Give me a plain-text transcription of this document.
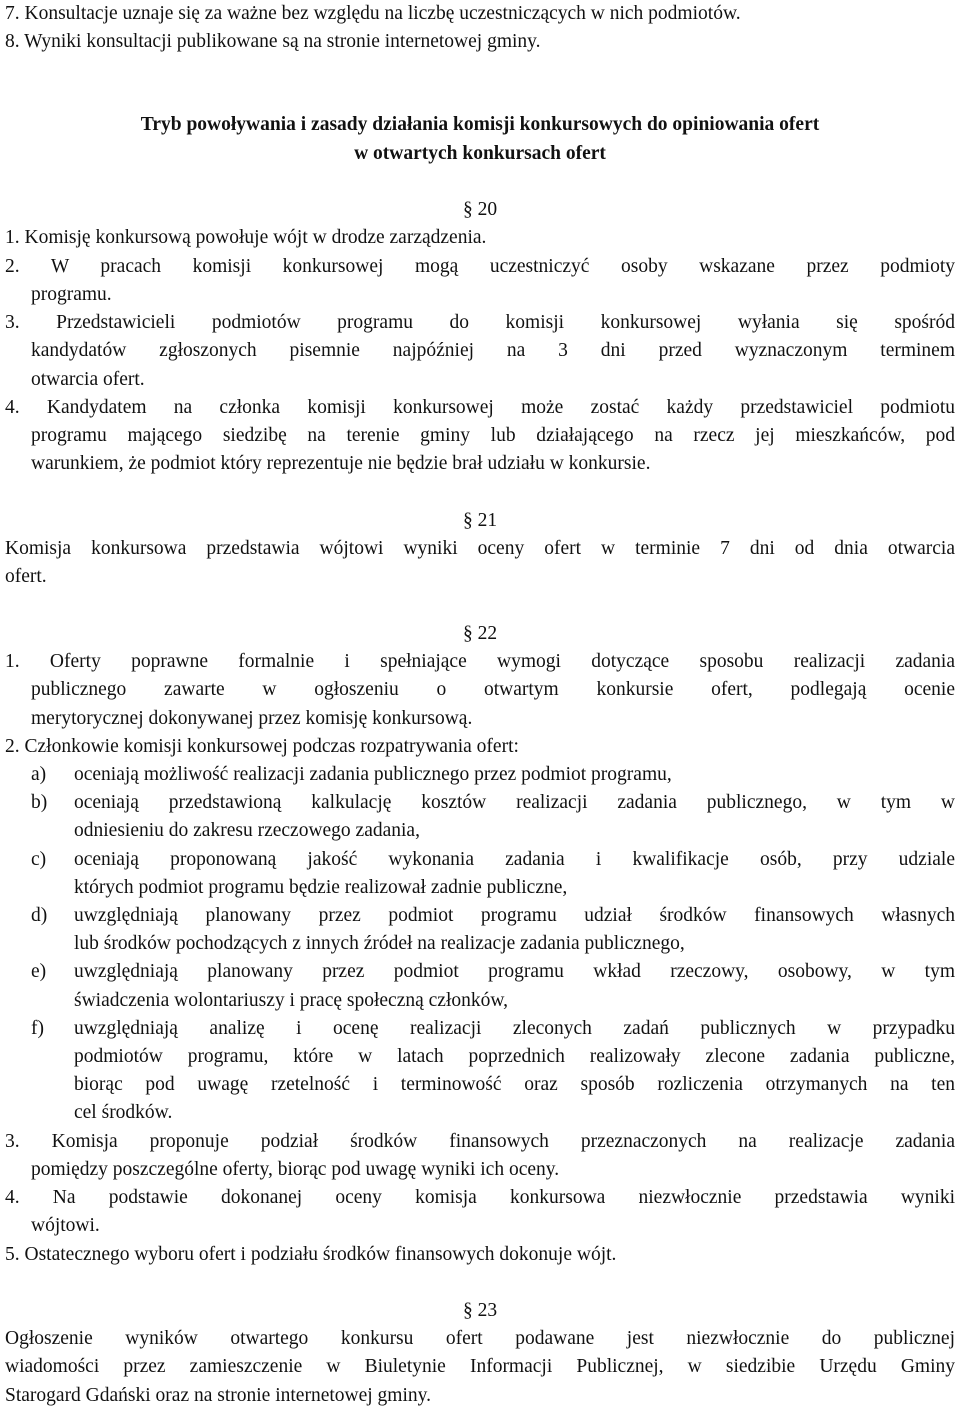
7. Konsultacje uznaje się za ważne bez względu na liczbę uczestniczących w nich podmiotów.
8. Wyniki konsultacji publikowane są na stronie internetowej gminy.
Tryb powoływania i zasady działania komisji konkursowych do opiniowania ofert
w otwartych konkursach ofert
§ 20
1. Komisję konkursową powołuje wójt w drodze zarządzenia.
2. W pracach komisji konkursowej mogą uczestniczyć osoby wskazane przez podmioty
programu.
3. Przedstawicieli podmiotów programu do komisji konkursowej wyłania się spośród
kandydatów zgłoszonych pisemnie najpóźniej na 3 dni przed wyznaczonym terminem
otwarcia ofert.
4. Kandydatem na członka komisji konkursowej może zostać każdy przedstawiciel podmiotu
programu mającego siedzibę na terenie gminy lub działającego na rzecz jej mieszkańców, pod
warunkiem, że podmiot który reprezentuje nie będzie brał udziału w konkursie.
§ 21
Komisja konkursowa przedstawia wójtowi wyniki oceny ofert w terminie 7 dni od dnia otwarcia
ofert.
§ 22
1. Oferty poprawne formalnie i spełniające wymogi dotyczące sposobu realizacji zadania
publicznego zawarte w ogłoszeniu o otwartym konkursie ofert, podlegają ocenie
merytorycznej dokonywanej przez komisję konkursową.
2. Członkowie komisji konkursowej podczas rozpatrywania ofert:
a) oceniają możliwość realizacji zadania publicznego przez podmiot programu,
b) oceniają przedstawioną kalkulację kosztów realizacji zadania publicznego, w tym w
odniesieniu do zakresu rzeczowego zadania,
c) oceniają proponowaną jakość wykonania zadania i kwalifikacje osób, przy udziale
których podmiot programu będzie realizował zadnie publiczne,
d) uwzględniają planowany przez podmiot programu udział środków finansowych własnych
lub środków pochodzących z innych źródeł na realizacje zadania publicznego,
e) uwzględniają planowany przez podmiot programu wkład rzeczowy, osobowy, w tym
świadczenia wolontariuszy i pracę społeczną członków,
f) uwzględniają analizę i ocenę realizacji zleconych zadań publicznych w przypadku
podmiotów programu, które w latach poprzednich realizowały zlecone zadania publiczne,
biorąc pod uwagę rzetelność i terminowość oraz sposób rozliczenia otrzymanych na ten
cel środków.
3. Komisja proponuje podział środków finansowych przeznaczonych na realizacje zadania
pomiędzy poszczególne oferty, biorąc pod uwagę wyniki ich oceny.
4. Na podstawie dokonanej oceny komisja konkursowa niezwłocznie przedstawia wyniki
wójtowi.
5. Ostatecznego wyboru ofert i podziału środków finansowych dokonuje wójt.
§ 23
Ogłoszenie wyników otwartego konkursu ofert podawane jest niezwłocznie do publicznej
wiadomości przez zamieszczenie w Biuletynie Informacji Publicznej, w siedzibie Urzędu Gminy
Starogard Gdański oraz na stronie internetowej gminy.
